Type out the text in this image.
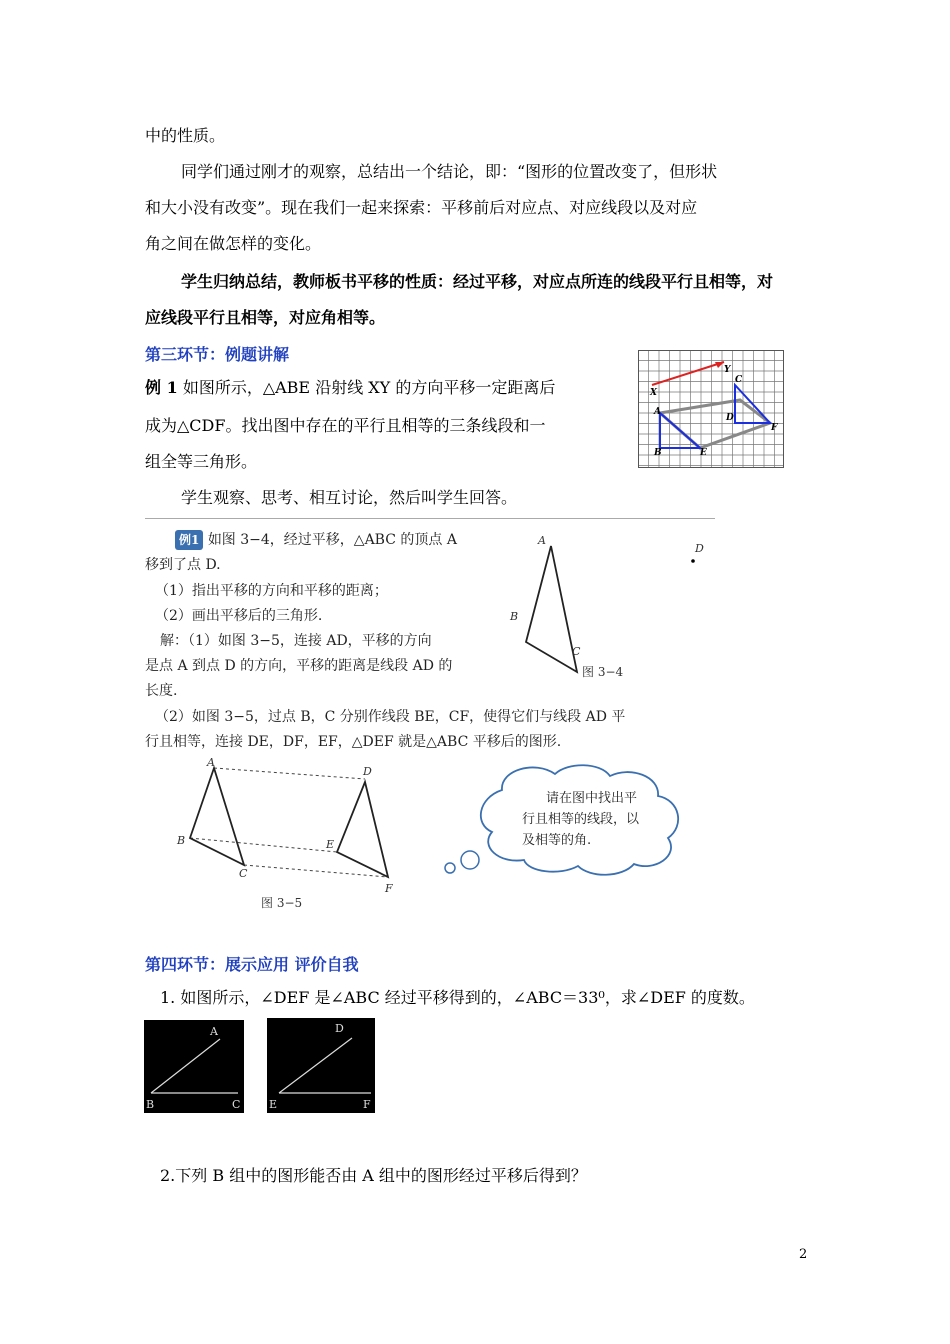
中的性质。
同学们通过刚才的观察，总结出一个结论，即：“图形的位置改变了，但形状
和大小没有改变”。现在我们一起来探索：平移前后对应点、对应线段以及对应
角之间在做怎样的变化。
学生归纳总结，教师板书平移的性质：经过平移，对应点所连的线段平行且相等，对
应线段平行且相等，对应角相等。
第三环节：例题讲解
例 1 如图所示，△ABE 沿射线 XY 的方向平移一定距离后
成为△CDF。找出图中存在的平行且相等的三条线段和一
组全等三角形。
学生观察、思考、相互讨论，然后叫学生回答。
X
Y
A
B
C
D
E
F
例1 如图 3−4，经过平移，△ABC 的顶点 A
移到了点 D.
（1）指出平移的方向和平移的距离；
（2）画出平移后的三角形.
解：（1）如图 3−5，连接 AD，平移的方向
是点 A 到点 D 的方向，平移的距离是线段 AD 的
长度.
（2）如图 3−5，过点 B，C 分别作线段 BE，CF，使得它们与线段 AD 平
行且相等，连接 DE，DF，EF，△DEF 就是△ABC 平移后的图形.
A
B
C
D
图 3−4
A
B
C
D
E
F
图 3−5
请在图中找出平
行且相等的线段，以
及相等的角.
第四环节：展示应用 评价自我
1. 如图所示，∠DEF 是∠ABC 经过平移得到的，∠ABC＝33⁰，求∠DEF 的度数。
A
B	C
D
E	F
2.下列 B 组中的图形能否由 A 组中的图形经过平移后得到？
2
